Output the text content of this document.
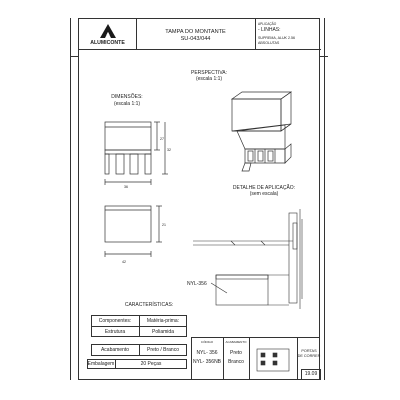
ALUMICONTE
TAMPA DO MONTANTE
SU-043/044
APLICAÇÃO
- LINHAS:
SUPREMA, ALUK 2.56
ABSOLUTAS
PERSPECTIVA:
(escala 1:1)
DIMENSÕES:
(escala 1:1)
36
27
32
42
21
DETALHE DE APLICAÇÃO:
(sem escala)
NYL-356
CARACTERÍSTICAS:
Componentes:	Matéria-prima:
Estrutura	Poliamida
Acabamento	Preto / Branco
Embalagem	20 Peças
CÓDIGO	ACABAMENTO
NYL- 356	Preto
NYL- 356NB	Branco
PORTAS
DE CORRER
19.09
